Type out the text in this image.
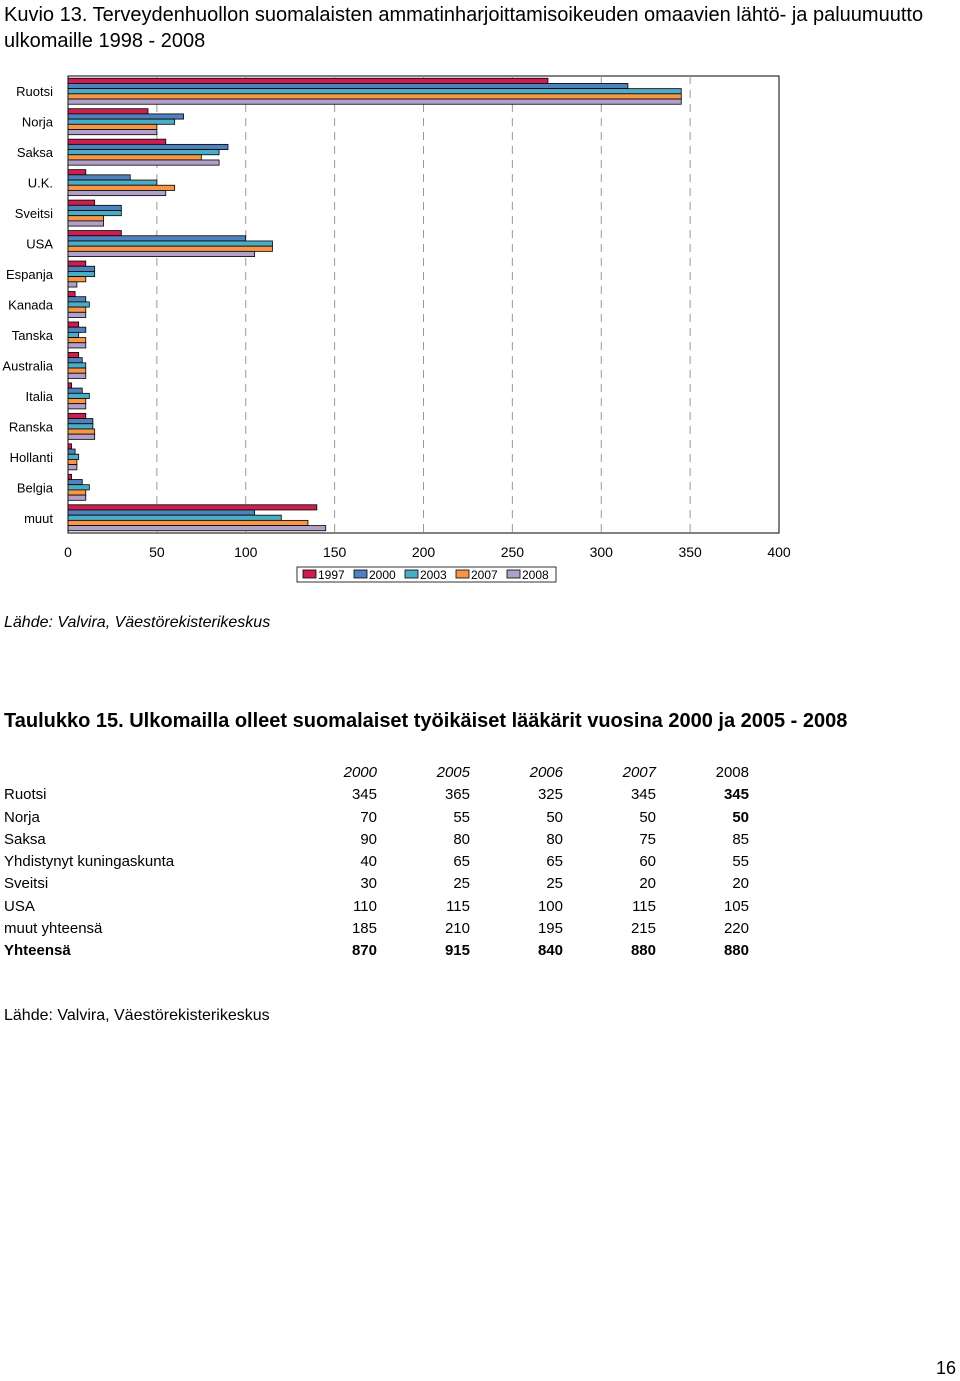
Kuvio 13. Terveydenhuollon suomalaisten ammatinharjoittamisoikeuden omaavien lähtö- ja paluumuutto ulkomaille 1998 - 2008
0	50	100	150	200	250	300	350	400
Ruotsi
Norja
Saksa
U.K.
Sveitsi
USA
Espanja
Kanada
Tanska
Australia
Italia
Ranska
Hollanti
Belgia
muut
1997 2000 2003 2007 2008
Lähde: Valvira, Väestörekisterikeskus
Taulukko 15. Ulkomailla olleet suomalaiset työikäiset lääkärit vuosina 2000 ja 2005 - 2008
	2000	2005	2006	2007	2008
Ruotsi	345	365	325	345	345
Norja	70	55	50	50	50
Saksa	90	80	80	75	85
Yhdistynyt kuningaskunta	40	65	65	60	55
Sveitsi	30	25	25	20	20
USA	110	115	100	115	105
muut yhteensä	185	210	195	215	220
Yhteensä	870	915	840	880	880
Lähde: Valvira, Väestörekisterikeskus
16
